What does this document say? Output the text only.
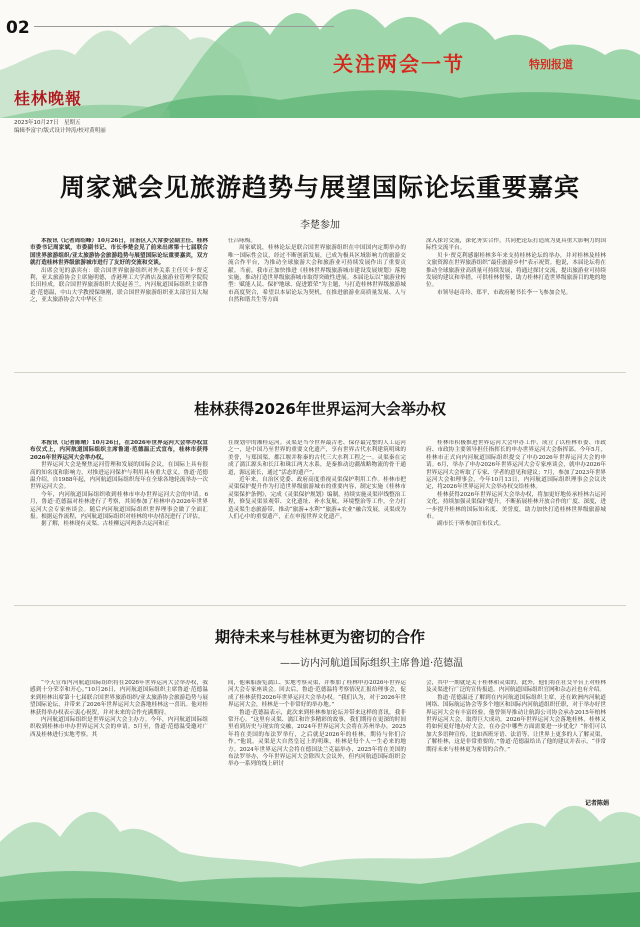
02
桂林晚報
2023年10月27日　星期五
编辑李富宇/版式设计钟涛/校对黄明丽
关注两会一节	特别报道
周家斌会见旅游趋势与展望国际论坛重要嘉宾
李楚参加

本报讯（记者周绍峰）10月26日，自治区人大常委会副主任、桂林市委书记周家斌，市委副书记、市长李楚会见了前来出席第十七届联合国世界旅游组织/亚太旅游协会旅游趋势与展望国际论坛重要嘉宾，双方就打造桂林世界级旅游城市进行了友好的交流和交谈。

出席会见的嘉宾有：联合国世界旅游组织对外关系主任贝卡·贾克利，亚太旅游协会主席施明德，香港理工大学酒店及旅游业管理学院院长田桂成，联合国世界旅游组织大使赵善兰，内河航道国际组织主席鲁道·范德温，中山大学教授保继刚，联合国世界旅游组织亚太部官员大堀之，亚太旅游协会大中华区主

任吕咏梅。

周家斌说，桂林论坛是联合国世界旅游组织在中国国内定期举办的唯一国际性会议，经过不断创新发展，已成为极具区域影响力的旅游交流合作平台，为推动全球旅游大会和旅游业可持续发展作出了重要贡献。当前，我市正加快推进《桂林世界级旅游城市建设发展规划》落地实施，推动打造世界级旅游城市取得突破性进展。本届论坛以“旅游业转型：赋能人民、保护地球、促进繁荣”为主题，与打造桂林世界级旅游城市高度契合，希望以本届论坛为契机，在推进旅游业高质量发展、人与自然和谐共生等方面

深入探讨交流，深化务实合作，共同把论坛打造成为更具重大影响力的国际性交流平台。

贝卡·贾克利感谢桂林多年来支持桂林论坛的举办，并对桂林及桂林文旅资源在世界旅游组织“最佳旅游乡村”表示祝贺。他说，本届论坛将在推动全球旅游业高质量可持续发展，将通过探讨交流，提出旅游业可持续发展的建议和举措，可供桂林借鉴，助力桂林打造世界级旅游目的地的地位。

市领导赵奇玲、郑平，市政府秘书长李一飞参加会见。

桂林获得2026年世界运河大会举办权

本报讯（记者陈晴）10月26日，在2026年世界运河大会举办权宣布仪式上，内河航道国际组织主席鲁道·范德温正式宣布，桂林市获得2026年世界运河大会举办权。

世界运河大会是聚焦运河管理和发展的国际会议，在国际上具有很高的知名度和影响力，对推进运河保护与利用具有重大意义。鲁道·范德温介绍，自1988年起，内河航道国际组织每年在全球各地轮流举办一次世界运河大会。

今年，内河航道国际组织收到桂林市申办世界运河大会的申请。6月，鲁道·范德温对桂林进行了考察，其间参加了桂林申办2026年世界运河大会专家座谈会。随后内河航道国际组织世界理事会做了全面汇报。根据运作流程，内河航道国际组织对桂林的申办情况进行了评估。

据了解，桂林现有灵渠、古桂柳运河两条古运河和正

在规划中的湘桂运河。灵渠是当今世界最古老、保存最完整的人工运河之一，是中国乃至世界的重要文化遗产，享有世界古代水利建筑明珠的美誉，与郑国渠、都江堰并称秦的古代三大水利工程之一。灵渠秦在完成了漓江源头和长江和珠江两大水系，是秦推动边疆战略物流的骨干通道，源远流长，通过“活态的遗产”。

近年来，自治区党委、政府高度重视灵渠保护利用工作。桂林市把灵渠保护提升作为打造世界级旅游城市的重要内容，制定实施《桂林市灵渠保护条例》，完成《灵渠保护规划》编制。持续实施灵渠岸线整治工程，修复灵渠景观带、文化遗址、补水复航，环境整治等工作，全力打造灵渠生态旅游带，推动“旅游+水利”“旅游+农业”融合发展，灵渠成为人们心中的重要遗产，正在申报世界文化遗产。

桂林市积极推进世界运河大会申办工作，成立了以桂林市委、市政府、市政协主要领导担任指挥长的申办世界运河大会指挥部。今年5月，桂林市正式向内河航道国际组织提交了申办2026年世界运河大会的申请。6月，举办了申办2026年世界运河大会专家座谈会，就申办2026年世界运河大会听取了专家、学者的意见和建议；7月，参加了2023年世界运河大会和理事会，今年10月13日，内河航道国际组织理事会会议决定，将2026年世界运河大会举办权交给桂林。

桂林获得2026年世界运河大会举办权，将加更好地传承桂林古运河文化，持续加强灵渠保护提升，不断拓展桂林开放合作的广度、深度，进一步提升桂林的国际知名度、美誉度，助力加快打造桂林世界级旅游城市。

副市长于昕参加宣布仪式。

期待未来与桂林更为密切的合作
——访内河航道国际组织主席鲁道·范德温

“今天宣布内河航道国际组织将在2026年世界运河大会举办权，我感到十分荣幸和开心。”10月26日，内河航道国际组织主席鲁道·范德温来到桂林出席第十七届联合国世界旅游组织/亚太旅游协会旅游趋势与展望国际论坛，并带来了2026年世界运河大会落地桂林这一喜讯。他对桂林获得举办权表示衷心祝贺，并对未来的合作充满期待。

内河航道国际组织是世界运河大会主办方。今年，内河航道国际组织收到桂林市申办世界运河大会的申请。5月至，鲁道·范德温受邀对广西及桂林进行实地考察。其

间，他乘船游览漓江、实地考察灵渠，并参加了桂林申办2026年世界运河大会专家座谈会。回去后，鲁道·范德温将考察情况汇报给理事会，促成了桂林获得2026年世界运河大会举办权。“我们认为，对于2026年世界运河大会，桂林是一个非常好的举办地。”

鲁道·范德温表示，此次来到桂林参加论坛并带来这样的喜讯，我非常开心。“这里有灵渠、漓江和许多精彩的故事，我们期待在更深的时间里看到历史与现实的交融，2024年世界运河大会将在苏州举办，2025年将在美国的布法罗举行，之后就是2026年的桂林，期待与你们合作。”他说。灵渠是大自然皇冠上的明珠，桂林是每个人一生必来的地方。2024年世界运河大会将在德国法兰克福举办，2025年将在美国的布法罗举办，今年世界运河大会除四大会议外，但内河航道国际组织会举办一系列的线上研讨

会，其中一期就是关于桂林和灵渠的。此外，他们将在社交平台上对桂林及灵渠进行广泛的宣传报道，内河航道国际组织官网和杂志社也有介绍。

鲁道·范德温还了解到在内河航道国际组织主席，还在欧洲内河航道网络、国际航运协会等多个地区和国际内河航道组织任职，对于举办好世界运河大会有丰富经验，他曾领导推动让航海公司协会承办2015年柏林世界运河大会，取得巨大成功。2026年世界运河大会落地桂林，桂林又将如何更好地办好大会，在办会中哪些方面需要进一步优化？“你们可以加大多语种宣传，比如西班牙语、法语等，让世界上更多的人了解灵渠，了解桂林，这是非常重要的。”鲁道·范德温给出了他的建议并表示，“非常期待未来与桂林更为密切的合作。”

记者陈娟
